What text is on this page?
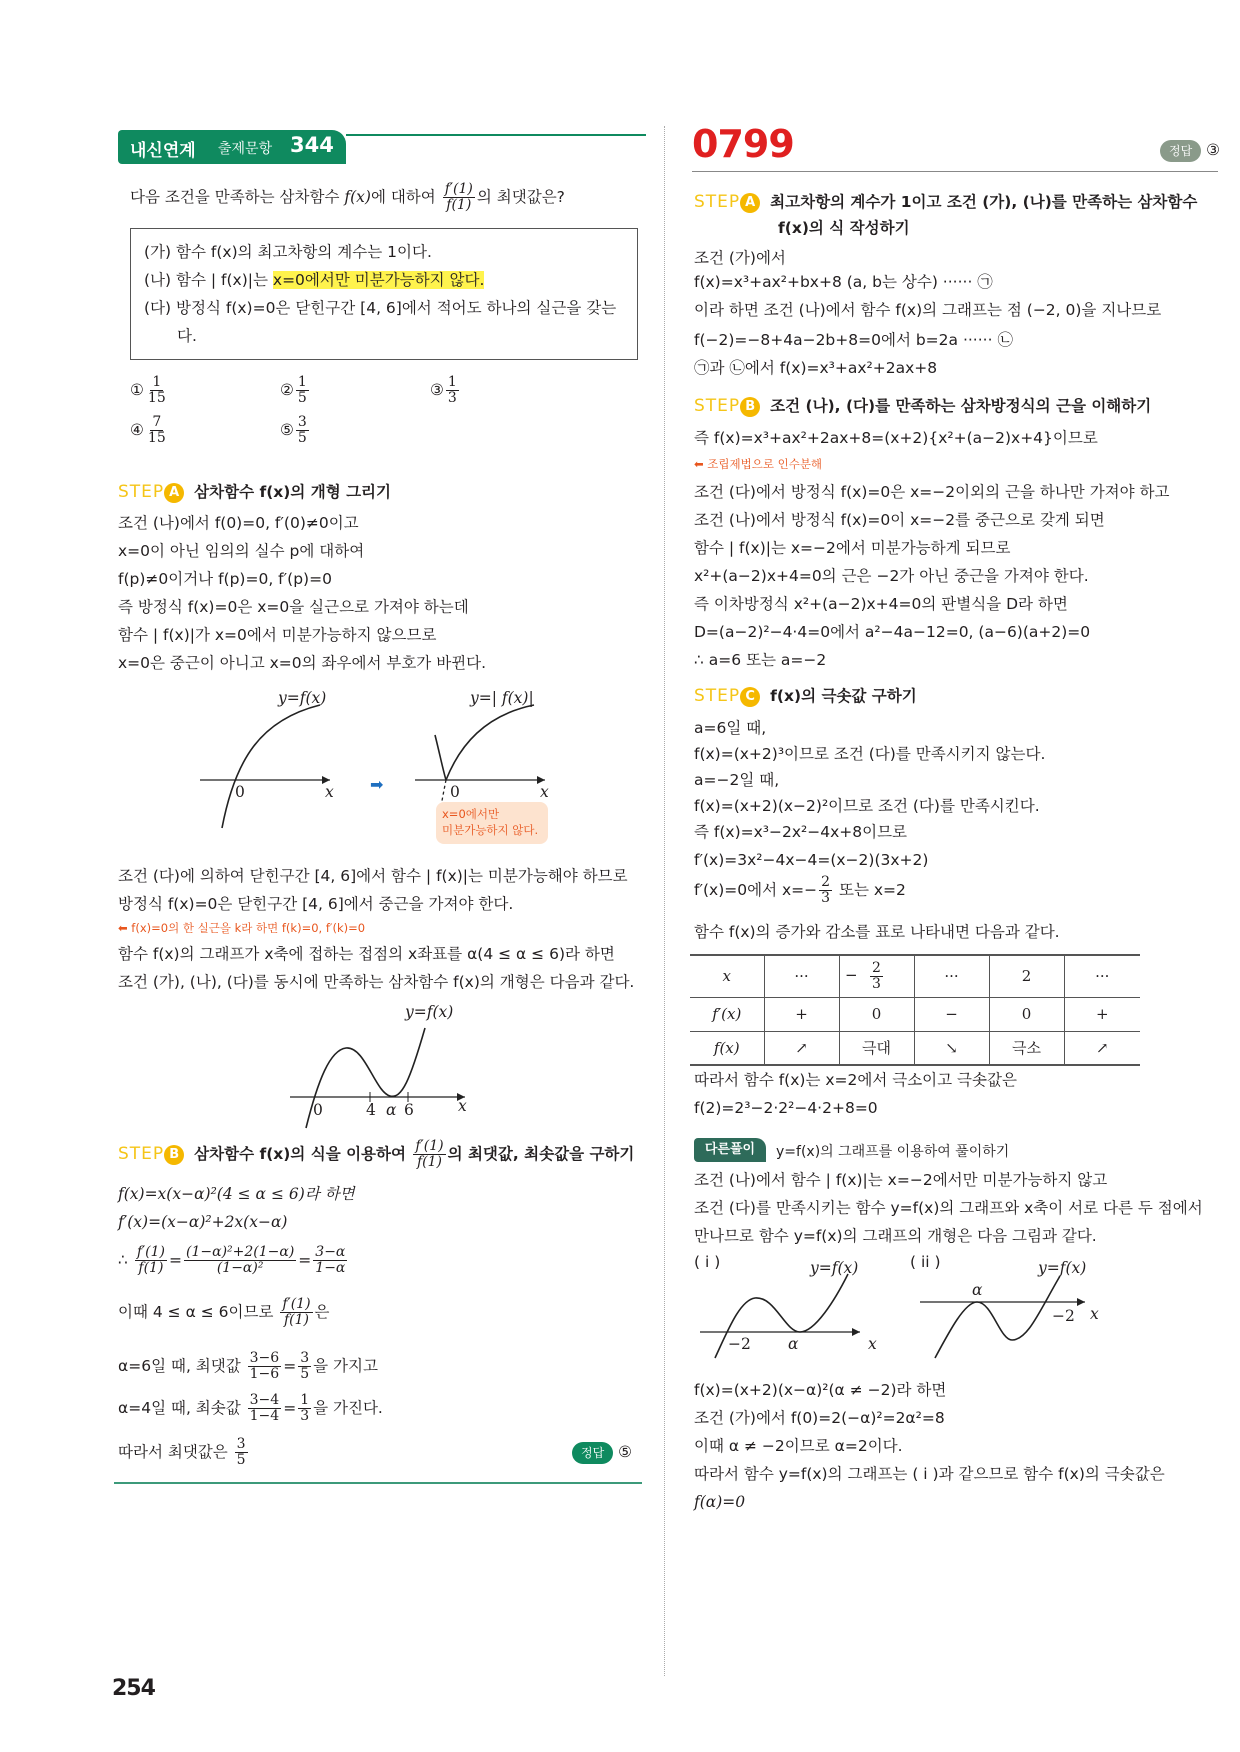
내신연계 출제문항 344
다음 조건을 만족하는 삼차함수 f(x)에 대하여 $\frac{f'(1)}{f(1)}$ 의 최댓값은?
(가) 함수 f(x)의 최고차항의 계수는 1이다.
(나) 함수 | f(x)|는 x=0에서만 미분가능하지 않다.
(다) 방정식 f(x)=0은 닫힌구간 [4, 6]에서 적어도 하나의 실근을 갖는
다.
① $\frac{1}{15}$	② $\frac{1}{5}$	③ $\frac{1}{3}$
④ $\frac{7}{15}$	⑤ $\frac{3}{5}$
STEP A 삼차함수 f(x)의 개형 그리기
조건 (나)에서 f(0)=0, f′(0)≠0이고
x=0이 아닌 임의의 실수 p에 대하여
f(p)≠0이거나 f(p)=0, f′(p)=0
즉 방정식 f(x)=0은 x=0을 실근으로 가져야 하는데
함수 | f(x)|가 x=0에서 미분가능하지 않으므로
x=0은 중근이 아니고 x=0의 좌우에서 부호가 바뀐다.
y=f(x)
0	x ➡
y=| f(x)|
0	x
x=0에서만
미분가능하지 않다.
조건 (다)에 의하여 닫힌구간 [4, 6]에서 함수 | f(x)|는 미분가능해야 하므로
방정식 f(x)=0은 닫힌구간 [4, 6]에서 중근을 가져야 한다.
⬅ f(x)=0의 한 실근을 k라 하면 f(k)=0, f′(k)=0
함수 f(x)의 그래프가 x축에 접하는 접점의 x좌표를 α(4 ≤ α ≤ 6)라 하면
조건 (가), (나), (다)를 동시에 만족하는 삼차함수 f(x)의 개형은 다음과 같다.
y=f(x)
0	4 α 6	x
STEP B 삼차함수 f(x)의 식을 이용하여 $\frac{f'(1)}{f(1)}$ 의 최댓값, 최솟값을 구하기
f(x)=x(x−α)²(4 ≤ α ≤ 6)라 하면
f′(x)=(x−α)²+2x(x−α)
∴ $\frac{f'(1)}{f(1)} = \frac{\text{(1−α)²+2(1−α)}}{\text{(1−α)²}} = \frac{3-\alpha}{1-\alpha}$
이때 4 ≤ α ≤ 6이므로 $\frac{f'(1)}{f(1)}$ 은
α=6일 때, 최댓값 $\frac{3-6}{1-6} = \frac{3}{5}$ 을 가지고
α=4일 때, 최솟값 $\frac{3-4}{1-4} = \frac{1}{3}$ 을 가진다.
따라서 최댓값은 $\frac{3}{5}$	정답 ⑤
0799	정답 ③
STEP A 최고차항의 계수가 1이고 조건 (가), (나)를 만족하는 삼차함수
f(x)의 식 작성하기
조건 (가)에서
f(x)=x³+ax²+bx+8 (a, b는 상수) ······ ㉠
이라 하면 조건 (나)에서 함수 f(x)의 그래프는 점 (−2, 0)을 지나므로
f(−2)=−8+4a−2b+8=0에서 b=2a ······ ㉡
㉠과 ㉡에서 f(x)=x³+ax²+2ax+8
STEP B 조건 (나), (다)를 만족하는 삼차방정식의 근을 이해하기
즉 f(x)=x³+ax²+2ax+8=(x+2){x²+(a−2)x+4}이므로
⬅ 조립제법으로 인수분해
조건 (다)에서 방정식 f(x)=0은 x=−2이외의 근을 하나만 가져야 하고
조건 (나)에서 방정식 f(x)=0이 x=−2를 중근으로 갖게 되면
함수 | f(x)|는 x=−2에서 미분가능하게 되므로
x²+(a−2)x+4=0의 근은 −2가 아닌 중근을 가져야 한다.
즉 이차방정식 x²+(a−2)x+4=0의 판별식을 D라 하면
D=(a−2)²−4·4=0에서 a²−4a−12=0, (a−6)(a+2)=0
∴ a=6 또는 a=−2
STEP C f(x)의 극솟값 구하기
a=6일 때,
f(x)=(x+2)³이므로 조건 (다)를 만족시키지 않는다.
a=−2일 때,
f(x)=(x+2)(x−2)²이므로 조건 (다)를 만족시킨다.
즉 f(x)=x³−2x²−4x+8이므로
f′(x)=3x²−4x−4=(x−2)(3x+2)
f′(x)=0에서 $x=- \frac{2}{3}$ 또는 x=2
함수 f(x)의 증가와 감소를 표로 나타내면 다음과 같다.
x	···	$\frac{2}{3}$	···	2	···
f′(x)	+	0	−	0	+
f(x)	↗	극대	↘	극소	↗
−
따라서 함수 f(x)는 x=2에서 극소이고 극솟값은
f(2)=2³−2·2²−4·2+8=0
다른풀이	y=f(x)의 그래프를 이용하여 풀이하기
조건 (나)에서 함수 | f(x)|는 x=−2에서만 미분가능하지 않고
조건 (다)를 만족시키는 함수 y=f(x)의 그래프와 x축이 서로 다른 두 점에서
만나므로 함수 y=f(x)의 그래프의 개형은 다음 그림과 같다.
( i )	y=f(x)
−2 α	x
( ii )	y=f(x)
α
−2 x
f(x)=(x+2)(x−α)²(α ≠ −2)라 하면
조건 (가)에서 f(0)=2(−α)²=2α²=8
이때 α ≠ −2이므로 α=2이다.
따라서 함수 y=f(x)의 그래프는 ( i )과 같으므로 함수 f(x)의 극솟값은
f(α)=0
254
